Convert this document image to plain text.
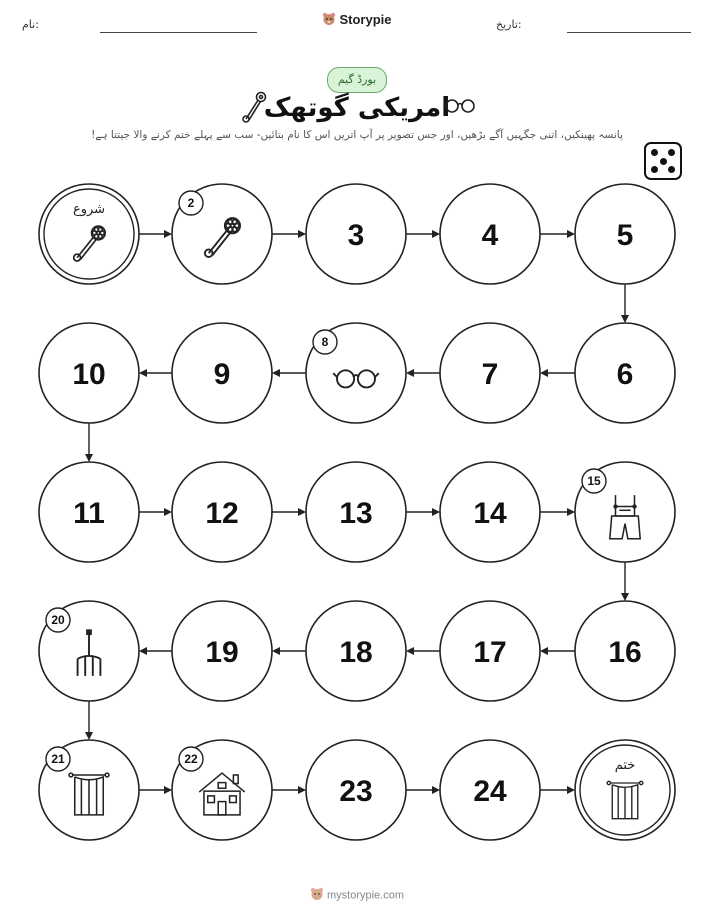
نام:	Storypie	تاریخ:
بورڈ گیم
امریکی گوتھک
پانسہ پھینکیں، اتنی جگہیں آگے بڑھیں، اور جس تصویر پر آپ اتریں اس کا نام بتائیں- سب سے پہلے ختم کرنے والا جیتتا ہے!
شروع	2
3	4	5
6
7
8
9
10
11	12	13	14
15
16
17
18
19
20
21	22
23	24
ختم
mystorypie.com
